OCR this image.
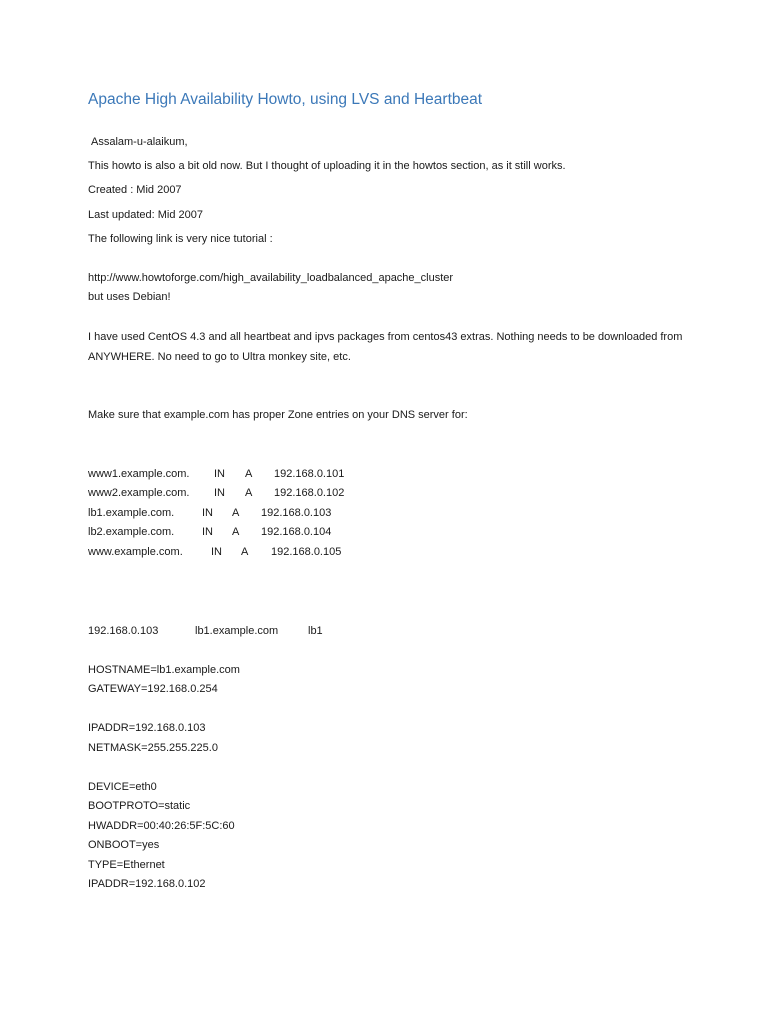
Apache High Availability Howto, using LVS and Heartbeat

Assalam-u-alaikum,

This howto is also a bit old now. But I thought of uploading it in the howtos section, as it still works.

Created : Mid 2007

Last updated: Mid 2007

The following link is very nice tutorial :

http://www.howtoforge.com/high_availability_loadbalanced_apache_cluster

but uses Debian!

I have used CentOS 4.3 and all heartbeat and ipvs packages from centos43 extras. Nothing needs to be downloaded from ANYWHERE. No need to go to Ultra monkey site, etc.

Make sure that example.com has proper Zone entries on your DNS server for:

www1.example.com. IN A 192.168.0.101
www2.example.com. IN A 192.168.0.102
lb1.example.com.	IN A 192.168.0.103
lb2.example.com.	IN A 192.168.0.104
www.example.com.	IN A 192.168.0.105
192.168.0.103	lb1.example.com	lb1

HOSTNAME=lb1.example.com

GATEWAY=192.168.0.254

IPADDR=192.168.0.103

NETMASK=255.255.225.0

DEVICE=eth0

BOOTPROTO=static

HWADDR=00:40:26:5F:5C:60

ONBOOT=yes

TYPE=Ethernet

IPADDR=192.168.0.102
